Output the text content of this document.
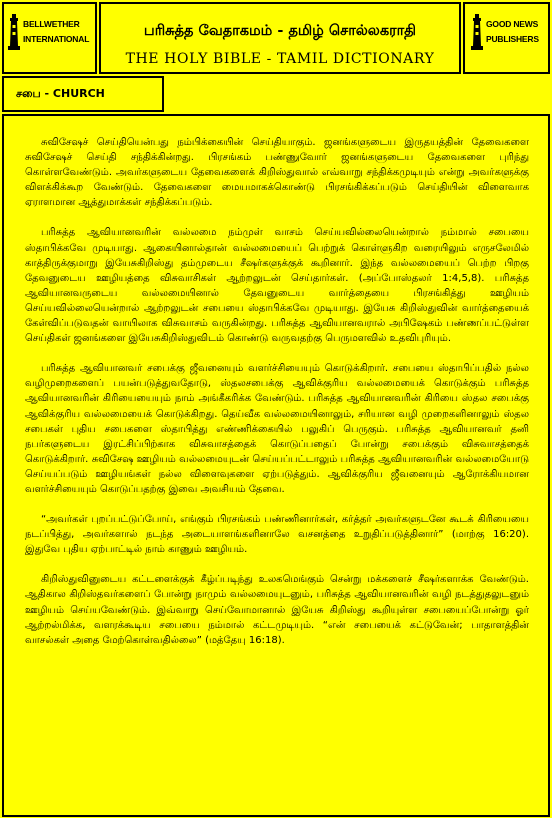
BELLWETHER
INTERNATIONAL	பரிசுத்த வேதாகமம் - தமிழ் சொல்லகராதி
THE HOLY BIBLE - TAMIL DICTIONARY
GOOD NEWS
PUBLISHERS
சபை - CHURCH

சுவிசேஷச் செய்தியென்பது நம்பிக்கையின் செய்தியாகும். ஜனங்களுடைய இருதயத்தின் தேவைகளை சுவிசேஷச் செய்தி சந்திக்கின்றது. பிரசங்கம் பண்ணுவோர் ஜனங்களுடைய தேவைகளை புரிந்து கொள்ளவேண்டும். அவர்களுடைய தேவைகளைக் கிறிஸ்துவால் எவ்வாறு சந்திக்கமுடியும் என்று அவர்களுக்கு விளக்கிக்கூற வேண்டும். தேவைகளை மையமாகக்கொண்டு பிரசங்கிக்கப்படும் செய்தியின் விளைவாக ஏராளமான ஆத்துமாக்கள் சந்திக்கப்படும்.

பரிசுத்த ஆவியானவரின் வல்லமை நம்முள் வாசம் செய்யவில்லையென்றால் நம்மால் சபையை ஸ்தாபிக்கவே முடியாது. ஆகையினால்தான் வல்லமையைப் பெற்றுக் கொள்ளுகிற வரையிலும் எருசலேமில் காத்திருக்குமாறு இயேசுகிறிஸ்து தம்முடைய சீஷர்களுக்குக் கூறினார். இந்த வல்லமையைப் பெற்ற பிறகு தேவனுடைய ஊழியத்தை விசுவாசிகள் ஆற்றலுடன் செய்தார்கள். (அப்போஸ்தலர் 1:4,5,8). பரிசுத்த ஆவியானவருடைய வல்லமையினால் தேவனுடைய வார்த்தையை பிரசங்கித்து ஊழியம் செய்யவில்லையென்றால் ஆற்றலுடன் சபையை ஸ்தாபிக்கவே முடியாது. இயேசு கிறிஸ்துவின் வார்த்தையைக் கேள்விப்படுவதன் வாயிலாக விசுவாசம் வருகின்றது. பரிசுத்த ஆவியானவரால் அபிஷேகம் பண்ணப்பட்டுள்ள செய்திகள் ஜனங்களை இயேசுகிறிஸ்துவிடம் கொண்டு வருவதற்கு பெருமளவில் உதவிபுரியும்.

பரிசுத்த ஆவியானவர் சபைக்கு ஜீவனையும் வளர்ச்சியையும் கொடுக்கிறார். சபையை ஸ்தாபிப்பதில் நல்ல வழிமுறைகளைப் பயன்படுத்துவதோடு, ஸ்தலசபைக்கு ஆவிக்குரிய வல்லமையைக் கொடுக்கும் பரிசுத்த ஆவியானவரின் கிரியையையும் நாம் அங்கீகரிக்க வேண்டும். பரிசுத்த ஆவியானவரின் கிரியை ஸ்தல சபைக்கு ஆவிக்குரிய வல்லமையைக் கொடுக்கிறது. தெய்வீக வல்லமையினாலும், சரியான வழி முறைகளினாலும் ஸ்தல சபைகள் புதிய சபைகளை ஸ்தாபித்து எண்ணிக்கையில் பலுகிப் பெருகும். பரிசுத்த ஆவியானவர் தனி நபர்களுடைய இரட்சிப்பிற்காக விசுவாசத்தைக் கொடுப்பதைப் போன்று சபைக்கும் விசுவாசத்தைக் கொடுக்கிறார். சுவிசேஷ ஊழியம் வல்லமையுடன் செய்யப்பட்டாலும் பரிசுத்த ஆவியானவரின் வல்லமையோடு செய்யப்படும் ஊழியங்கள் நல்ல விளைவுகளை ஏற்படுத்தும். ஆவிக்குரிய ஜீவனையும் ஆரோக்கியமான வளர்ச்சியையும் கொடுப்பதற்கு இவை அவசியம் தேவை.

“அவர்கள் புறப்பட்டுப்போய், எங்கும் பிரசங்கம் பண்ணினார்கள், கர்த்தர் அவர்களுடனே கூடக் கிரியையை நடப்பித்து, அவர்களால் நடந்த அடையாளங்களினாலே வசனத்தை உறுதிப்படுத்தினார்” (மாற்கு 16:20). இதுவே புதிய ஏற்பாட்டில் நாம் காணும் ஊழியம்.

கிறிஸ்துவினுடைய கட்டளைக்குக் கீழ்ப்படிந்து உலகமெங்கும் சென்று மக்களைச் சீஷர்களாக்க வேண்டும். ஆதிகால கிறிஸ்தவர்களைப் போன்று நாமும் வல்லமையுடனும், பரிசுத்த ஆவியானவரின் வழி நடத்துதலுடனும் ஊழியம் செய்யவேண்டும். இவ்வாறு செய்வோமானால் இயேசு கிறிஸ்து கூறியுள்ள சபையைப்போன்று ஓர் ஆற்றல்மிக்க, வளரக்கூடிய சபையை நம்மால் கட்டமுடியும். “என் சபையைக் கட்டுவேன்; பாதாளத்தின் வாசல்கள் அதை மேற்கொள்வதில்லை” (மத்தேயு 16:18).
